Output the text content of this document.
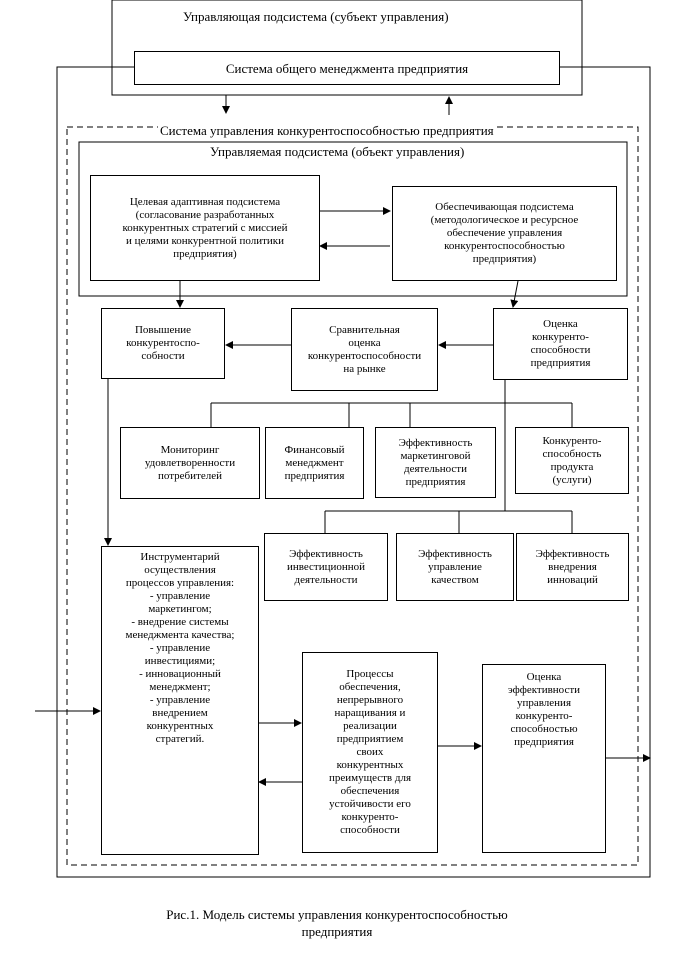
Управляющая подсистема (субъект управления)
Система общего менеджмента предприятия
Система управления конкурентоспособностью предприятия
Управляемая подсистема (объект управления)
Целевая адаптивная подсистема
(согласование разработанных
конкурентных стратегий с миссией
и целями конкурентной политики
предприятия)
Обеспечивающая подсистема
(методологическое и ресурсное
обеспечение управления
конкурентоспособностью
предприятия)
Повышение
конкурентоспо-
собности
Сравнительная
оценка
конкурентоспособности
на рынке
Оценка
конкуренто-
способности
предприятия
Мониторинг
удовлетворенности
потребителей
Финансовый
менеджмент
предприятия
Эффективность
маркетинговой
деятельности
предприятия
Конкуренто-
способность
продукта
(услуги)
Эффективность
инвестиционной
деятельности
Эффективность
управление
качеством
Эффективность
внедрения
инноваций
Инструментарий
осуществления
процессов управления:
- управление
маркетингом;
- внедрение системы
менеджмента качества;
- управление
инвестициями;
- инновационный
менеджмент;
- управление
внедрением
конкурентных
стратегий.
Процессы
обеспечения,
непрерывного
наращивания и
реализации
предприятием
своих
конкурентных
преимуществ для
обеспечения
устойчивости его
конкуренто-
способности
Оценка
эффективности
управления
конкуренто-
способностью
предприятия
Рис.1. Модель системы управления конкурентоспособностью
предприятия
